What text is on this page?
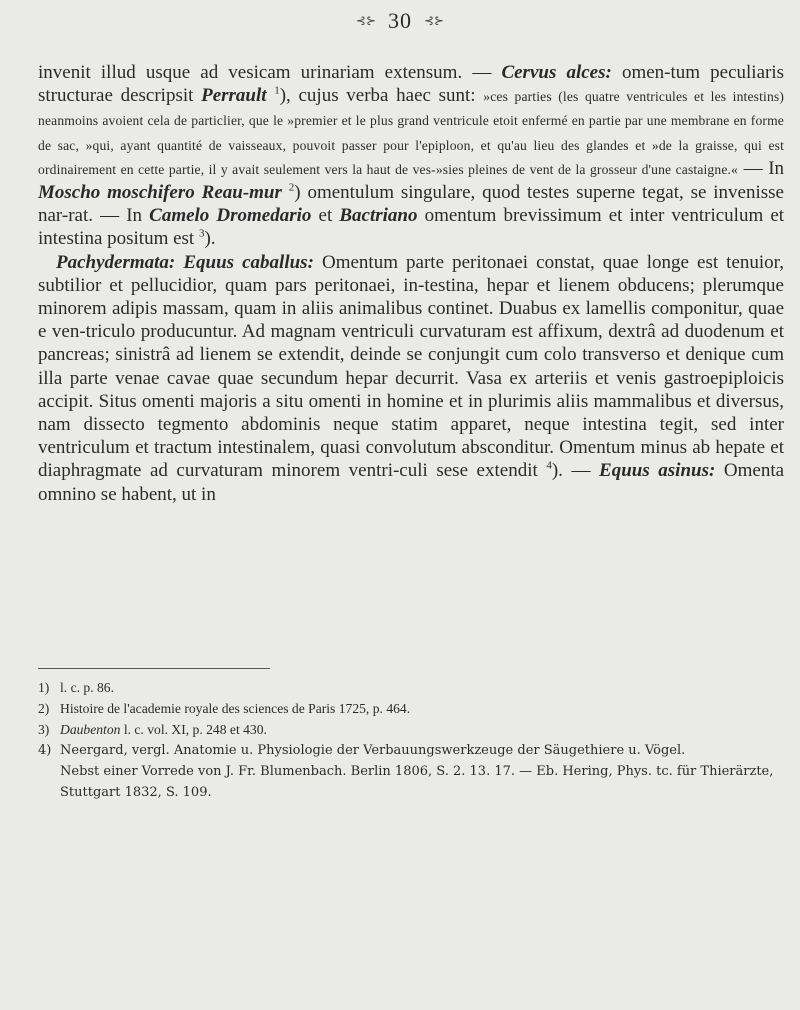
⊰⊱ 30 ⊰⊱

invenit illud usque ad vesicam urinariam extensum. — Cervus alces: omen-tum peculiaris structurae descripsit Perrault $^1$), cujus verba haec sunt: »ces parties (les quatre ventricules et les intestins) neanmoins avoient cela de particlier, que le »premier et le plus grand ventricule etoit enfermé en partie par une membrane en forme de sac, »qui, ayant quantité de vaisseaux, pouvoit passer pour l'epiploon, et qu'au lieu des glandes et »de la graisse, qui est ordinairement en cette partie, il y avait seulement vers la haut de ves-»sies pleines de vent de la grosseur d'une castaigne.« — In Moscho moschifero Reau-mur $^2$) omentulum singulare, quod testes superne tegat, se invenisse nar-rat. — In Camelo Dromedario et Bactriano omentum brevissimum et inter ventriculum et intestina positum est $^3$).

Pachydermata: Equus caballus: Omentum parte peritonaei constat, quae longe est tenuior, subtilior et pellucidior, quam pars peritonaei, in-testina, hepar et lienem obducens; plerumque minorem adipis massam, quam in aliis animalibus continet. Duabus ex lamellis componitur, quae e ven-triculo producuntur. Ad magnam ventriculi curvaturam est affixum, dextrâ ad duodenum et pancreas; sinistrâ ad lienem se extendit, deinde se conjungit cum colo transverso et denique cum illa parte venae cavae quae secundum hepar decurrit. Vasa ex arteriis et venis gastroepiploicis accipit. Situs omenti majoris a situ omenti in homine et in plurimis aliis mammalibus et diversus, nam dissecto tegmento abdominis neque statim apparet, neque intestina tegit, sed inter ventriculum et tractum intestinalem, quasi convolutum absconditur. Omentum minus ab hepate et diaphragmate ad curvaturam minorem ventri-culi sese extendit $^4$). — Equus asinus: Omenta omnino se habent, ut in

1) l. c. p. 86.
2) Histoire de l'academie royale des sciences de Paris 1725, p. 464.
3) Daubenton l. c. vol. XI, p. 248 et 430.
4) Neergard, vergl. Anatomie u. Physiologie der Verbauungswerkzeuge der Säugethiere u. Vögel.
Nebst einer Vorrede von J. Fr. Blumenbach. Berlin 1806, S. 2. 13. 17. — Eb. Hering, Phys. tc. für Thierärzte, Stuttgart 1832, S. 109.
